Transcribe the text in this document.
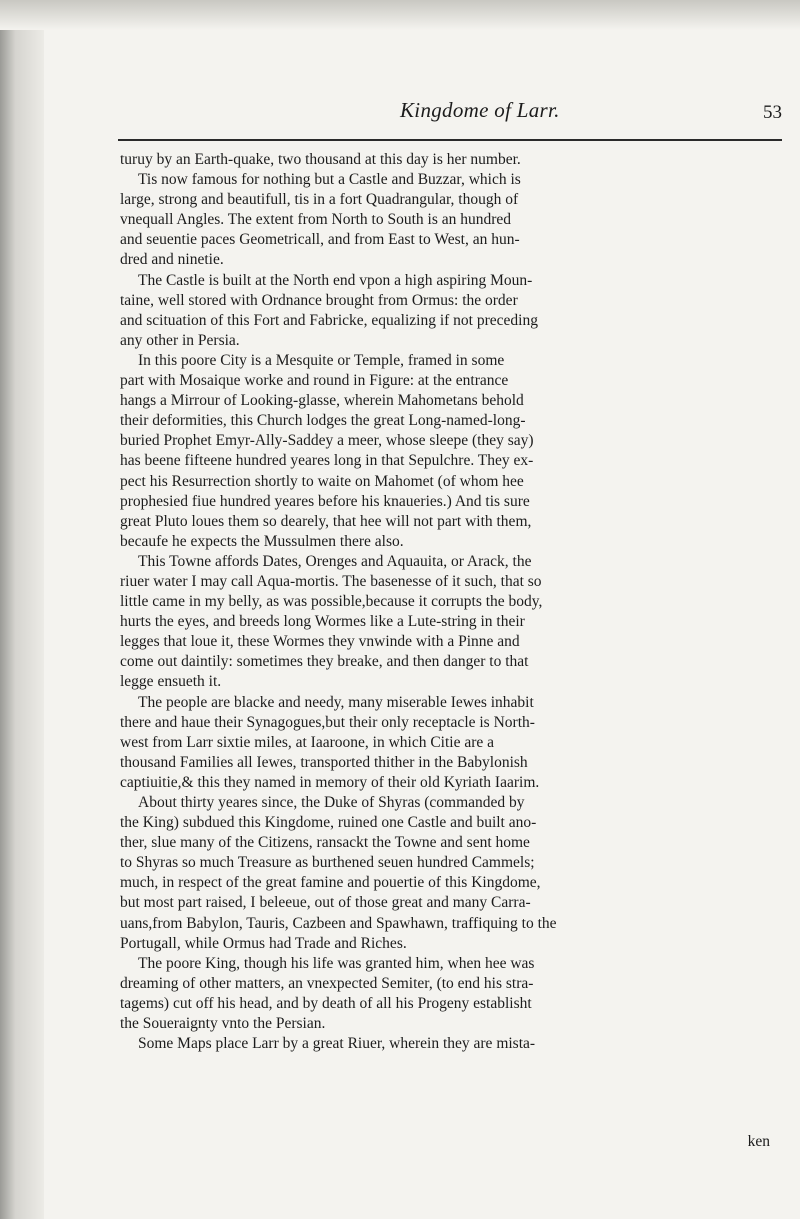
Kingdome of Larr.	53
turuy by an Earth-quake, two thousand at this day is her number.
Tis now famous for nothing but a Castle and Buzzar, which is
large, strong and beautifull, tis in a fort Quadrangular, though of
vnequall Angles. The extent from North to South is an hundred
and seuentie paces Geometricall, and from East to West, an hun-
dred and ninetie.
The Castle is built at the North end vpon a high aspiring Moun-
taine, well stored with Ordnance brought from Ormus: the order
and scituation of this Fort and Fabricke, equalizing if not preceding
any other in Persia.
In this poore City is a Mesquite or Temple, framed in some
part with Mosaique worke and round in Figure: at the entrance
hangs a Mirrour of Looking-glasse, wherein Mahometans behold
their deformities, this Church lodges the great Long-named-long-
buried Prophet Emyr-Ally-Saddey a meer, whose sleepe (they say)
has beene fifteene hundred yeares long in that Sepulchre. They ex-
pect his Resurrection shortly to waite on Mahomet (of whom hee
prophesied fiue hundred yeares before his knaueries.) And tis sure
great Pluto loues them so dearely, that hee will not part with them,
becaufe he expects the Mussulmen there also.
This Towne affords Dates, Orenges and Aquauita, or Arack, the
riuer water I may call Aqua-mortis. The basenesse of it such, that so
little came in my belly, as was possible,because it corrupts the body,
hurts the eyes, and breeds long Wormes like a Lute-string in their
legges that loue it, these Wormes they vnwinde with a Pinne and
come out daintily: sometimes they breake, and then danger to that
legge ensueth it.
The people are blacke and needy, many miserable Iewes inhabit
there and haue their Synagogues,but their only receptacle is North-
west from Larr sixtie miles, at Iaaroone, in which Citie are a
thousand Families all Iewes, transported thither in the Babylonish
captiuitie,& this they named in memory of their old Kyriath Iaarim.
About thirty yeares since, the Duke of Shyras (commanded by
the King) subdued this Kingdome, ruined one Castle and built ano-
ther, slue many of the Citizens, ransackt the Towne and sent home
to Shyras so much Treasure as burthened seuen hundred Cammels;
much, in respect of the great famine and pouertie of this Kingdome,
but most part raised, I beleeue, out of those great and many Carra-
uans,from Babylon, Tauris, Cazbeen and Spawhawn, traffiquing to the
Portugall, while Ormus had Trade and Riches.
The poore King, though his life was granted him, when hee was
dreaming of other matters, an vnexpected Semiter, (to end his stra-
tagems) cut off his head, and by death of all his Progeny establisht
the Soueraignty vnto the Persian.
Some Maps place Larr by a great Riuer, wherein they are mista-
ken
